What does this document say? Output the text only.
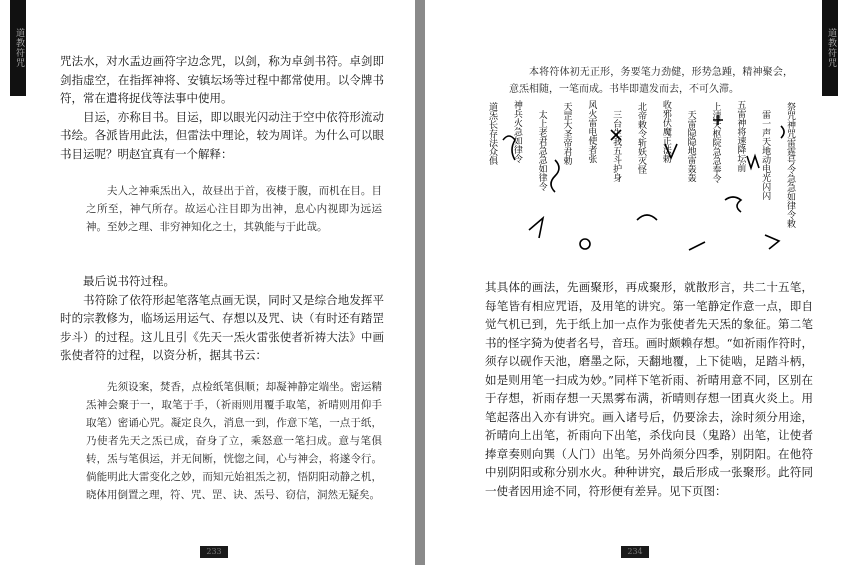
道教符咒	咒法水，对水盂边画符字边念咒，以剑，称为卓剑书符。卓剑即剑指虚空，在指挥神将、安镇坛场等过程中都常使用。以令牌书符，常在遣将捉伐等法事中使用。

目运，亦称目书。目运，即以眼光闪动注于空中依符形流动书绘。各派皆用此法，但雷法中理论，较为周详。为什么可以眼书目运呢？明赵宜真有一个解释：

夫人之神乘炁出入，故昼出于首，夜棲于腹，而机在目。目之所至，神气所存。故运心注目即为出神，息心内视即为远运神。至妙之理、非穷神知化之士，其孰能与于此哉。

最后说书符过程。

书符除了依符形起笔落笔点画无误，同时又是综合地发挥平时的宗教修为，临场运用运气、存想以及咒、诀（有时还有踏罡步斗）的过程。这儿且引《先天一炁火雷张使者祈祷大法》中画张使者符的过程，以资分析，据其书云：

先须设案，焚香，点检纸笔俱顺；却凝神静定端坐。密运精炁神会聚于一，取笔于手，（祈雨则用覆手取笔，祈晴则用仰手取笔）密诵心咒。凝定良久，消息一到，作意下笔，一点于纸，乃使者先天之炁已成，奋身了立，乘怒意一笔扫成。意与笔俱转，炁与笔俱运，并无间断，恍惚之间，心与神会，将遂令行。倘能明此大雷变化之妙，而知元始祖炁之初，悟阴阳动静之机，晓体用倒置之理，符、咒、罡、诀、炁号、窃信，洞然无疑矣。

233
道教符咒

本将符体初无正形，务要笔力劲健，形势急踵，精神聚会，意炁相随，一笔而成。书毕即遣发而去，不可久滞。

祭咒神咒雷霆号令急急如律令敕
雷一声天地动电光闪闪
五雷神将速降坛前
上清天枢院急急奉令
天雷隐隐地雷轰轰
收邪伏魔正法勅
北帝敕令斩妖灭怪
三台生我五斗护身
风火雷电使者张
天罡大圣帝君勅
太上老君急急如律令
神兵火急如律令
道炁长存法众俱

其具体的画法，先画聚形，再成聚形，就散形言，共二十五笔，每笔皆有相应咒语，及用笔的讲究。第一笔静定作意一点，即自觉气机已到，先于纸上加一点作为张使者先天炁的象征。第二笔书的怪字猗为使者名号，音珏。画时颇赖存想。“如祈雨作符时，须存以砚作天池，磨墨之际，天翻地覆，上下徒啮，足踏斗柄，如是则用笔一扫成为妙。”同样下笔祈雨、祈晴用意不同，区别在于存想，祈雨存想一天黑雾布满，祈晴则存想一团真火炎上。用笔起落出入亦有讲究。画入诸号后，仍要涂去，涂时须分用途，祈晴向上出笔，祈雨向下出笔，杀伐向艮（鬼路）出笔，让使者捧章奏则向巽（人门）出笔。另外尚须分四季，别阴阳。在他符中别阴阳或称分别水火。种种讲究，最后形成一张聚形。此符同一使者因用途不同，符形便有差异。见下页图：

234
